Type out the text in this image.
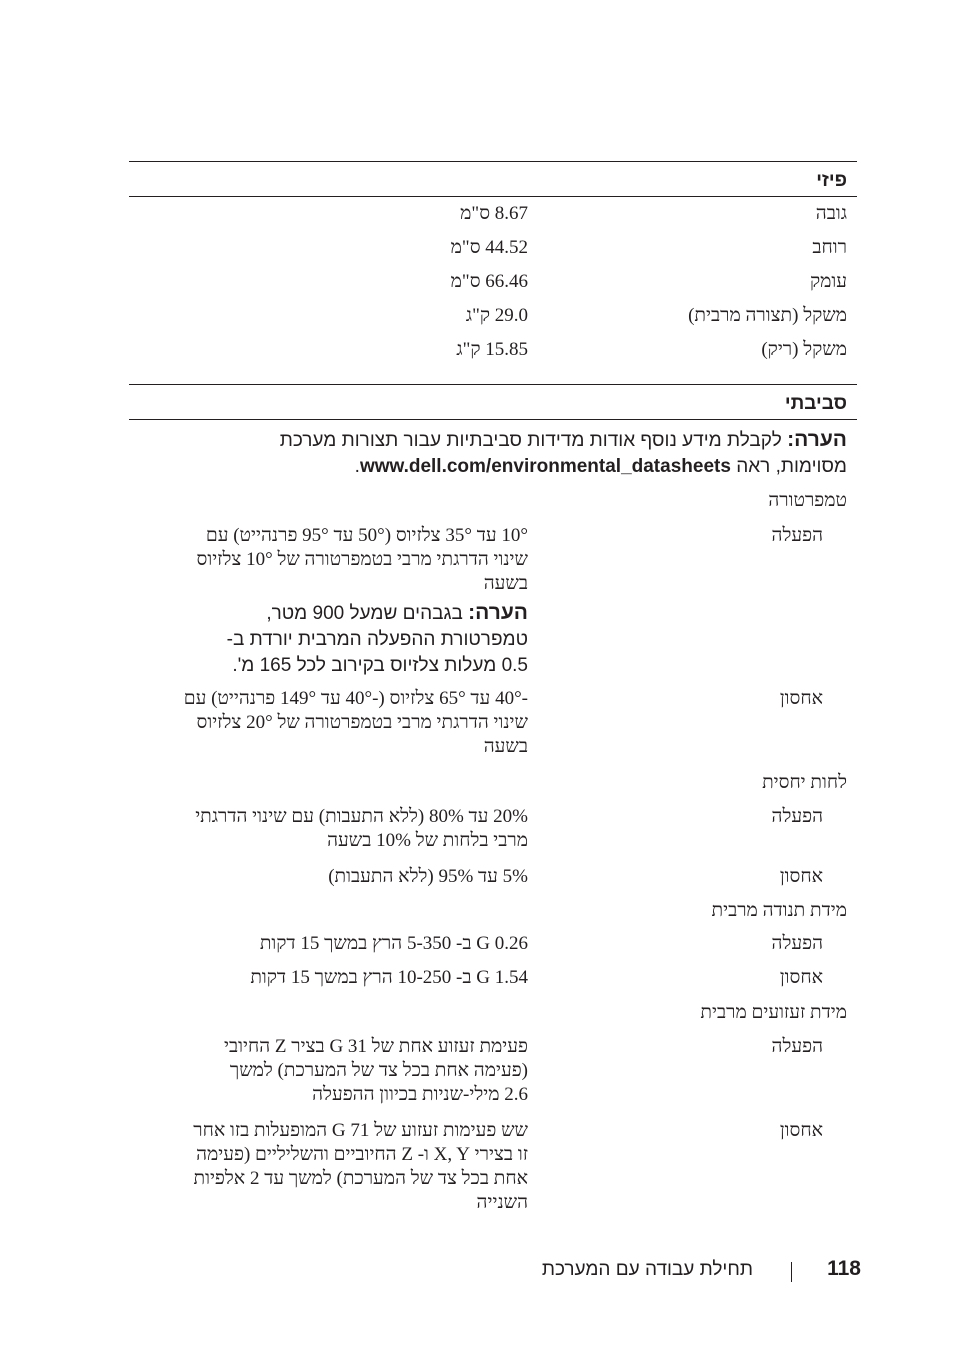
פיזי
גובה
8.67 ס"מ
רוחב
44.52 ס"מ
עומק
66.46 ס"מ
משקל (תצורה מרבית)
29.0 ק"ג
משקל (ריק)
15.85 ק"ג
סביבתי
הערה: לקבלת מידע נוסף אודות מדידות סביבתיות עבור תצורות מערכת
מסוימות, ראה www.dell.com/environmental_datasheets.
טמפרטורה
הפעלה
10° עד 35° צלזיוס (50° עד 95° פרנהייט) עם
שינוי הדרגתי מרבי בטמפרטורה של 10° צלזיוס
בשעה
הערה: בגבהים שמעל 900 מטר,
טמפרטורת ההפעלה המרבית יורדת ב-
0.5 מעלות צלזיוס בקירוב לכל 165 מ'.
אחסון
-40° עד 65° צלזיוס (-40° עד 149° פרנהייט) עם
שינוי הדרגתי מרבי בטמפרטורה של 20° צלזיוס
בשעה
לחות יחסית
הפעלה
20% עד 80% (ללא התעבות) עם שינוי הדרגתי
מרבי בלחות של 10% בשעה
אחסון
5% עד 95% (ללא התעבות)
מידת תנודה מרבית
הפעלה
0.26 G ב- 5-350 הרץ במשך 15 דקות
אחסון
1.54 G ב- 10-250 הרץ במשך 15 דקות
מידת זעזועים מרבית
הפעלה
פעימת זעזוע אחת של 31 G בציר Z החיובי
(פעימה אחת בכל צד של המערכת) למשך
2.6 מילי-שניות בכיוון ההפעלה
אחסון
שש פעימות זעזוע של 71 G המופעלות בזו אחר
זו בצירי X, Y ו- Z החיוביים והשליליים (פעימה
אחת בכל צד של המערכת) למשך עד 2 אלפיות
השנייה
118
תחילת עבודה עם המערכת
